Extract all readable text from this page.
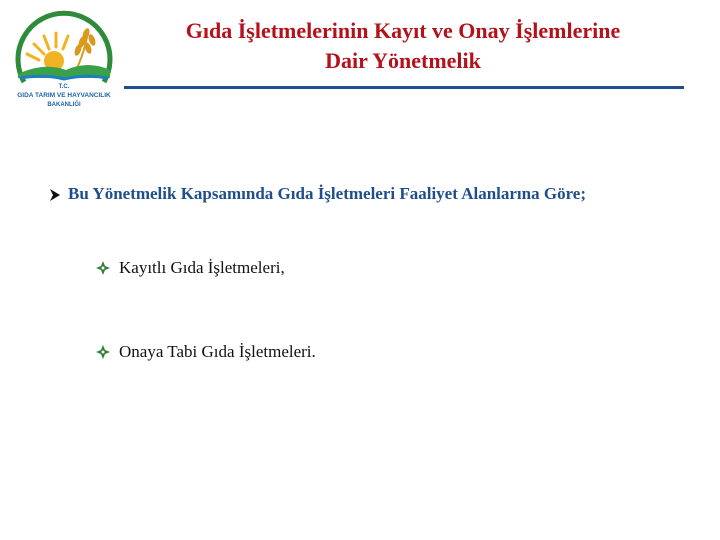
T.C.
GIDA TARIM VE HAYVANCILIK
BAKANLIĞI
Gıda İşletmelerinin Kayıt ve Onay İşlemlerine
Dair Yönetmelik
Bu Yönetmelik Kapsamında Gıda İşletmeleri Faaliyet Alanlarına Göre;
Kayıtlı Gıda İşletmeleri,
Onaya Tabi Gıda İşletmeleri.
